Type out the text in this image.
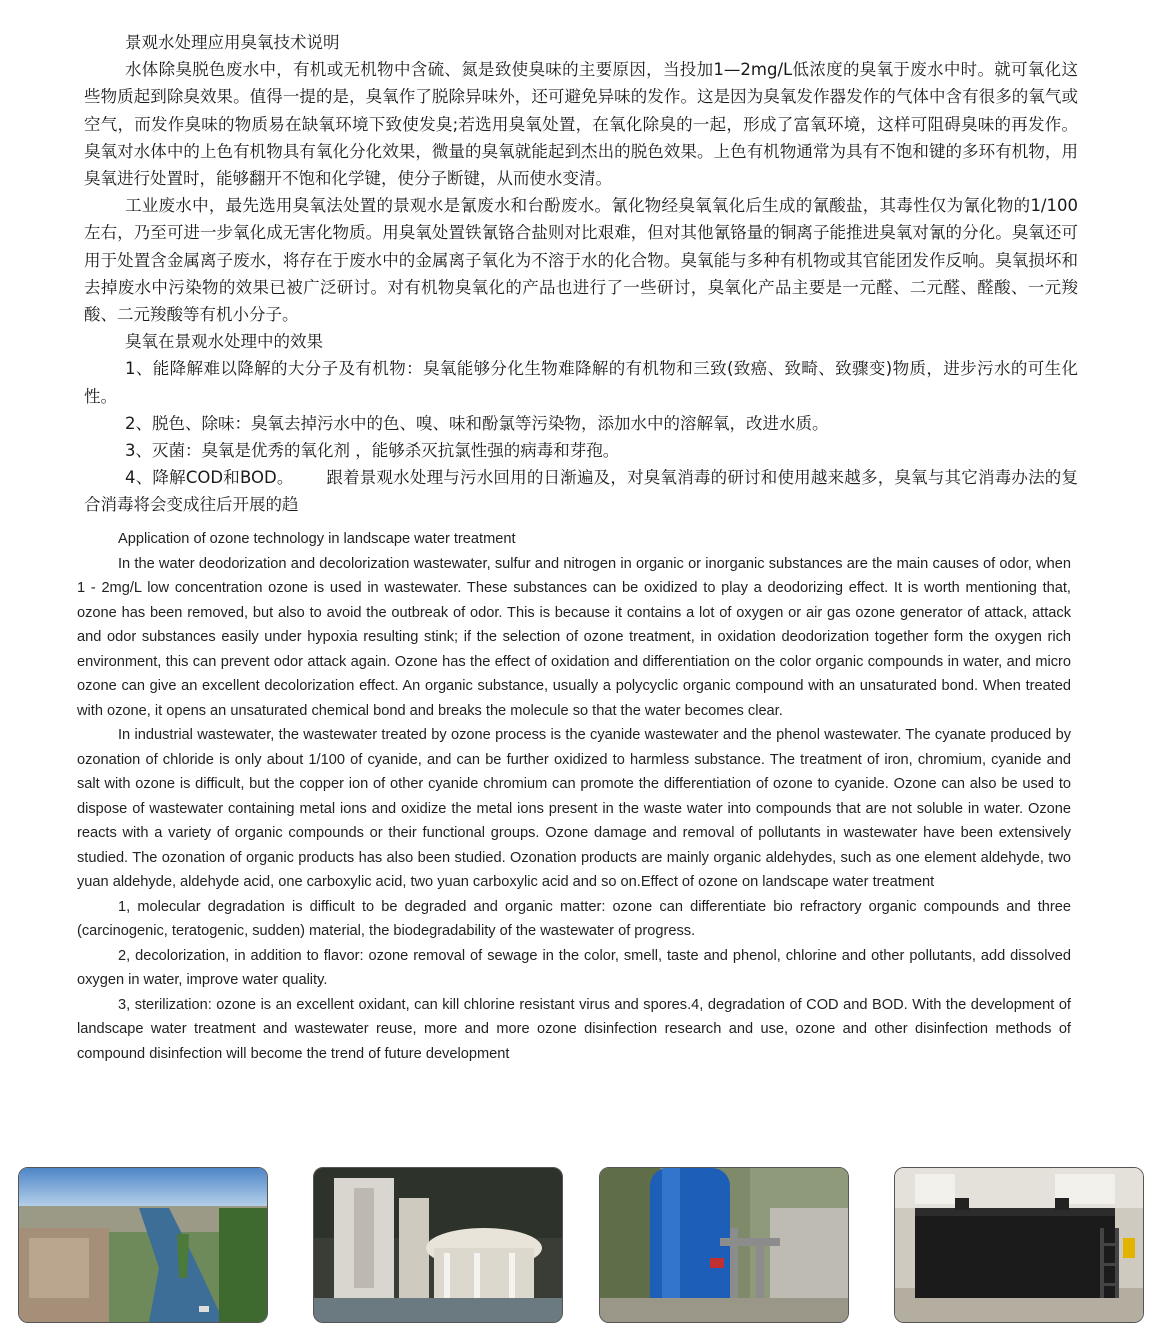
景观水处理应用臭氧技术说明

水体除臭脱色废水中，有机或无机物中含硫、氮是致使臭味的主要原因，当投加1—2mg/L低浓度的臭氧于废水中时。就可氧化这些物质起到除臭效果。值得一提的是，臭氧作了脱除异味外，还可避免异味的发作。这是因为臭氧发作器发作的气体中含有很多的氧气或空气，而发作臭味的物质易在缺氧环境下致使发臭;若选用臭氧处置，在氧化除臭的一起，形成了富氧环境，这样可阻碍臭味的再发作。臭氧对水体中的上色有机物具有氧化分化效果，微量的臭氧就能起到杰出的脱色效果。上色有机物通常为具有不饱和键的多环有机物，用臭氧进行处置时，能够翻开不饱和化学键，使分子断键，从而使水变清。

工业废水中，最先选用臭氧法处置的景观水是氰废水和台酚废水。氰化物经臭氧氧化后生成的氰酸盐，其毒性仅为氰化物的1/100左右，乃至可进一步氧化成无害化物质。用臭氧处置铁氰铬合盐则对比艰难，但对其他氰铬量的铜离子能推进臭氧对氰的分化。臭氧还可用于处置含金属离子废水，将存在于废水中的金属离子氧化为不溶于水的化合物。臭氧能与多种有机物或其官能团发作反响。臭氧损坏和去掉废水中污染物的效果已被广泛研讨。对有机物臭氧化的产品也进行了一些研讨，臭氧化产品主要是一元醛、二元醛、醛酸、一元羧酸、二元羧酸等有机小分子。

臭氧在景观水处理中的效果

1、能降解难以降解的大分子及有机物：臭氧能够分化生物难降解的有机物和三致(致癌、致畸、致骤变)物质，进步污水的可生化性。

2、脱色、除味：臭氧去掉污水中的色、嗅、味和酚氯等污染物，添加水中的溶解氧，改进水质。

3、灭菌：臭氧是优秀的氧化剂 ，能够杀灭抗氯性强的病毒和芽孢。

4、降解COD和BOD。      跟着景观水处理与污水回用的日渐遍及，对臭氧消毒的研讨和使用越来越多，臭氧与其它消毒办法的复合消毒将会变成往后开展的趋

Application of ozone technology in landscape water treatment

In the water deodorization and decolorization wastewater, sulfur and nitrogen in organic or inorganic substances are the main causes of odor, when 1 - 2mg/L low concentration ozone is used in wastewater. These substances can be oxidized to play a deodorizing effect. It is worth mentioning that, ozone has been removed, but also to avoid the outbreak of odor. This is because it contains a lot of oxygen or air gas ozone generator of attack, attack and odor substances easily under hypoxia resulting stink; if the selection of ozone treatment, in oxidation deodorization together form the oxygen rich environment, this can prevent odor attack again. Ozone has the effect of oxidation and differentiation on the color organic compounds in water, and micro ozone can give an excellent decolorization effect. An organic substance, usually a polycyclic organic compound with an unsaturated bond. When treated with ozone, it opens an unsaturated chemical bond and breaks the molecule so that the water becomes clear.

In industrial wastewater, the wastewater treated by ozone process is the cyanide wastewater and the phenol wastewater. The cyanate produced by ozonation of chloride is only about 1/100 of cyanide, and can be further oxidized to harmless substance. The treatment of iron, chromium, cyanide and salt with ozone is difficult, but the copper ion of other cyanide chromium can promote the differentiation of ozone to cyanide. Ozone can also be used to dispose of wastewater containing metal ions and oxidize the metal ions present in the waste water into compounds that are not soluble in water. Ozone reacts with a variety of organic compounds or their functional groups. Ozone damage and removal of pollutants in wastewater have been extensively studied. The ozonation of organic products has also been studied. Ozonation products are mainly organic aldehydes, such as one element aldehyde, two yuan aldehyde, aldehyde acid, one carboxylic acid, two yuan carboxylic acid and so on.Effect of ozone on landscape water treatment

1, molecular degradation is difficult to be degraded and organic matter: ozone can differentiate bio refractory organic compounds and three (carcinogenic, teratogenic, sudden) material, the biodegradability of the wastewater of progress.

2, decolorization, in addition to flavor: ozone removal of sewage in the color, smell, taste and phenol, chlorine and other pollutants, add dissolved oxygen in water, improve water quality.

3, sterilization: ozone is an excellent oxidant, can kill chlorine resistant virus and spores.4, degradation of COD and BOD. With the development of landscape water treatment and wastewater reuse, more and more ozone disinfection research and use, ozone and other disinfection methods of compound disinfection will become the trend of future development
